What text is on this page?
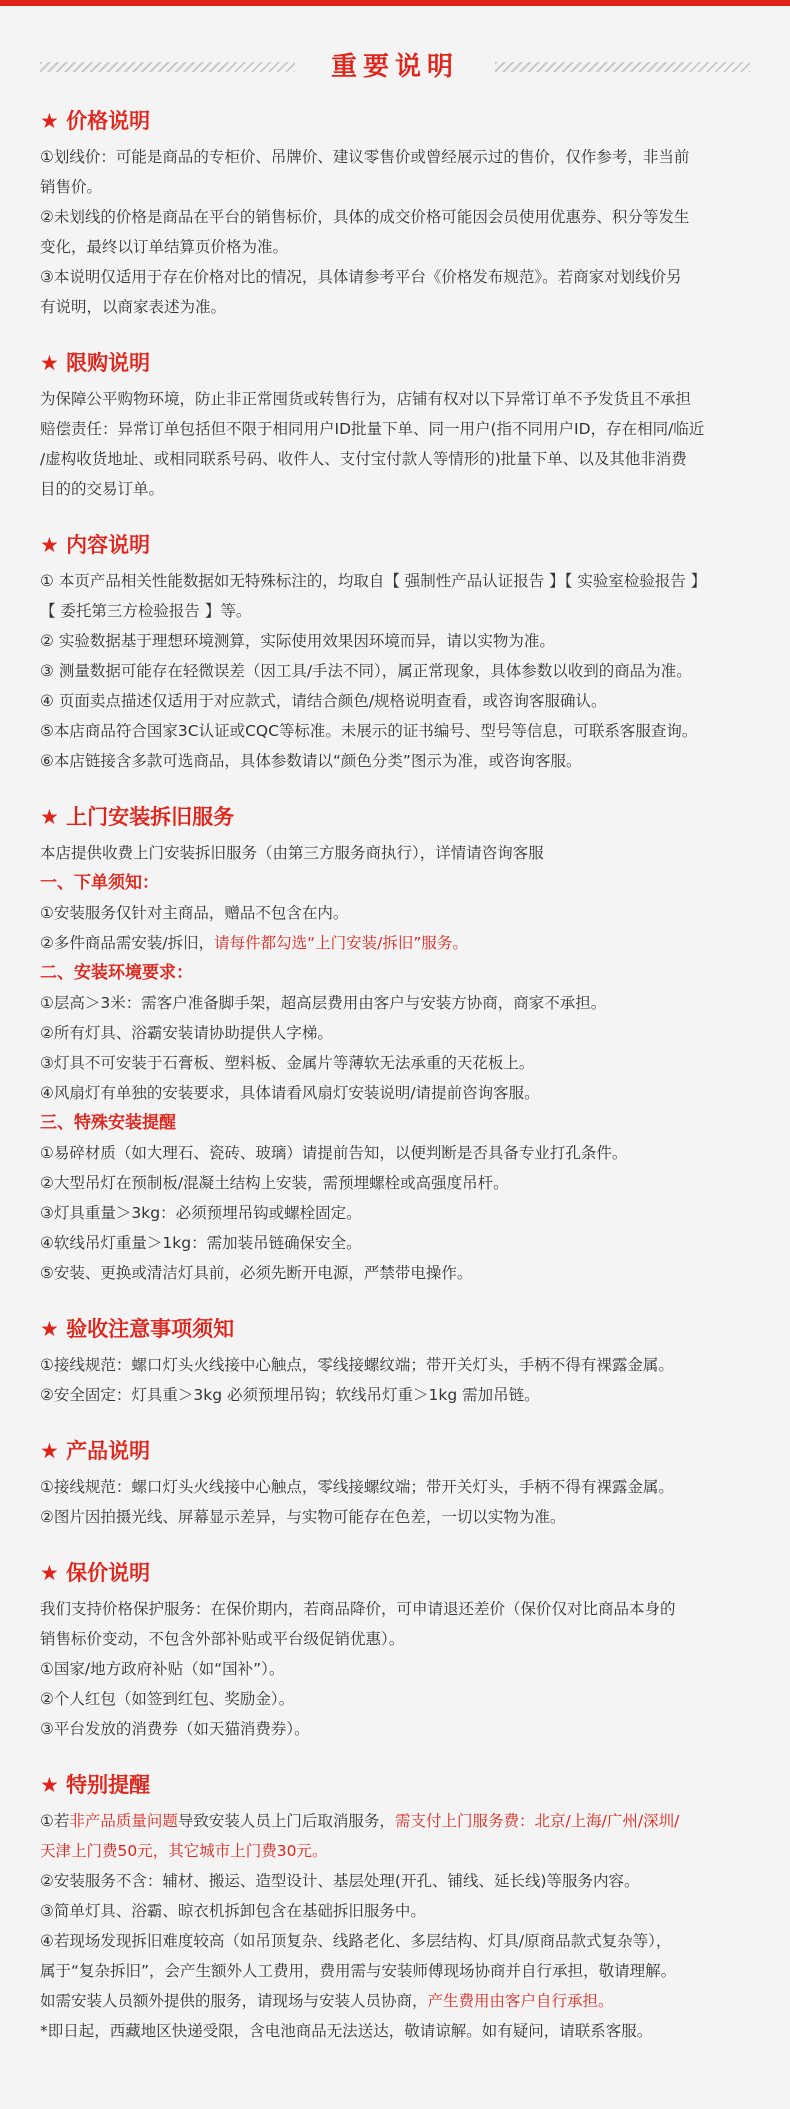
重要说明
★ 价格说明
①划线价：可能是商品的专柜价、吊牌价、建议零售价或曾经展示过的售价，仅作参考，非当前
销售价。
②未划线的价格是商品在平台的销售标价，具体的成交价格可能因会员使用优惠券、积分等发生
变化，最终以订单结算页价格为准。
③本说明仅适用于存在价格对比的情况，具体请参考平台《价格发布规范》。若商家对划线价另
有说明，以商家表述为准。
★ 限购说明
为保障公平购物环境，防止非正常囤货或转售行为，店铺有权对以下异常订单不予发货且不承担
赔偿责任：异常订单包括但不限于相同用户ID批量下单、同一用户(指不同用户ID，存在相同/临近
/虚构收货地址、或相同联系号码、收件人、支付宝付款人等情形的)批量下单、以及其他非消费
目的的交易订单。
★ 内容说明
① 本页产品相关性能数据如无特殊标注的，均取自【 强制性产品认证报告 】【 实验室检验报告 】
【 委托第三方检验报告 】等。
② 实验数据基于理想环境测算，实际使用效果因环境而异，请以实物为准。
③ 测量数据可能存在轻微误差（因工具/手法不同），属正常现象，具体参数以收到的商品为准。
④ 页面卖点描述仅适用于对应款式，请结合颜色/规格说明查看，或咨询客服确认。
⑤本店商品符合国家3C认证或CQC等标准。未展示的证书编号、型号等信息，可联系客服查询。
⑥本店链接含多款可选商品，具体参数请以“颜色分类”图示为准，或咨询客服。
★ 上门安装拆旧服务
本店提供收费上门安装拆旧服务（由第三方服务商执行），详情请咨询客服
一、下单须知：
①安装服务仅针对主商品，赠品不包含在内。
②多件商品需安装/拆旧，请每件都勾选“上门安装/拆旧”服务。
二、安装环境要求：
①层高＞3米：需客户准备脚手架，超高层费用由客户与安装方协商，商家不承担。
②所有灯具、浴霸安装请协助提供人字梯。
③灯具不可安装于石膏板、塑料板、金属片等薄软无法承重的天花板上。
④风扇灯有单独的安装要求，具体请看风扇灯安装说明/请提前咨询客服。
三、特殊安装提醒
①易碎材质（如大理石、瓷砖、玻璃）请提前告知，以便判断是否具备专业打孔条件。
②大型吊灯在预制板/混凝土结构上安装，需预埋螺栓或高强度吊杆。
③灯具重量＞3kg：必须预埋吊钩或螺栓固定。
④软线吊灯重量＞1kg：需加装吊链确保安全。
⑤安装、更换或清洁灯具前，必须先断开电源，严禁带电操作。
★ 验收注意事项须知
①接线规范：螺口灯头火线接中心触点，零线接螺纹端；带开关灯头，手柄不得有裸露金属。
②安全固定：灯具重＞3kg 必须预埋吊钩；软线吊灯重＞1kg 需加吊链。
★ 产品说明
①接线规范：螺口灯头火线接中心触点，零线接螺纹端；带开关灯头，手柄不得有裸露金属。
②图片因拍摄光线、屏幕显示差异，与实物可能存在色差，一切以实物为准。
★ 保价说明
我们支持价格保护服务：在保价期内，若商品降价，可申请退还差价（保价仅对比商品本身的
销售标价变动，不包含外部补贴或平台级促销优惠）。
①国家/地方政府补贴（如“国补”）。
②个人红包（如签到红包、奖励金）。
③平台发放的消费券（如天猫消费券）。
★ 特别提醒
①若非产品质量问题导致安装人员上门后取消服务，需支付上门服务费：北京/上海/广州/深圳/
天津上门费50元，其它城市上门费30元。
②安装服务不含：辅材、搬运、造型设计、基层处理(开孔、铺线、延长线)等服务内容。
③简单灯具、浴霸、晾衣机拆卸包含在基础拆旧服务中。
④若现场发现拆旧难度较高（如吊顶复杂、线路老化、多层结构、灯具/原商品款式复杂等），
属于“复杂拆旧”，会产生额外人工费用，费用需与安装师傅现场协商并自行承担，敬请理解。
如需安装人员额外提供的服务，请现场与安装人员协商，产生费用由客户自行承担。
*即日起，西藏地区快递受限，含电池商品无法送达，敬请谅解。如有疑问，请联系客服。
